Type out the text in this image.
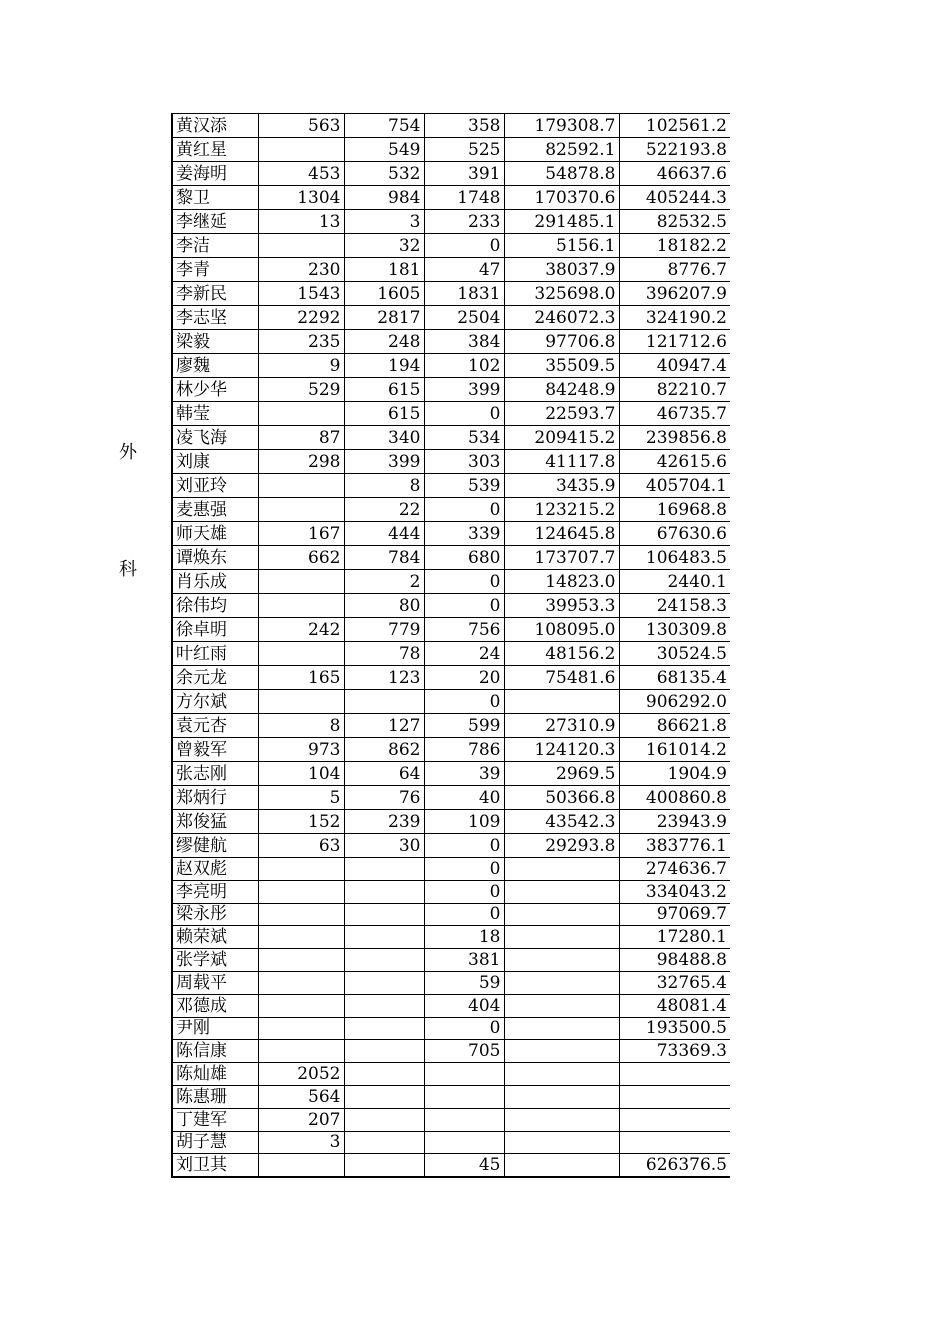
外
科
黄汉添	563	754	358	179308.7	102561.2
黄红星		549	525	82592.1	522193.8
姜海明	453	532	391	54878.8	46637.6
黎卫	1304	984	1748	170370.6	405244.3
李继延	13	3	233	291485.1	82532.5
李洁		32	0	5156.1	18182.2
李青	230	181	47	38037.9	8776.7
李新民	1543	1605	1831	325698.0	396207.9
李志坚	2292	2817	2504	246072.3	324190.2
梁毅	235	248	384	97706.8	121712.6
廖魏	9	194	102	35509.5	40947.4
林少华	529	615	399	84248.9	82210.7
韩莹		615	0	22593.7	46735.7
凌飞海	87	340	534	209415.2	239856.8
刘康	298	399	303	41117.8	42615.6
刘亚玲		8	539	3435.9	405704.1
麦惠强		22	0	123215.2	16968.8
师天雄	167	444	339	124645.8	67630.6
谭焕东	662	784	680	173707.7	106483.5
肖乐成		2	0	14823.0	2440.1
徐伟均		80	0	39953.3	24158.3
徐卓明	242	779	756	108095.0	130309.8
叶红雨		78	24	48156.2	30524.5
余元龙	165	123	20	75481.6	68135.4
方尔斌			0		906292.0
袁元杏	8	127	599	27310.9	86621.8
曾毅军	973	862	786	124120.3	161014.2
张志刚	104	64	39	2969.5	1904.9
郑炳行	5	76	40	50366.8	400860.8
郑俊猛	152	239	109	43542.3	23943.9
缪健航	63	30	0	29293.8	383776.1
赵双彪			0		274636.7
李亮明			0		334043.2
梁永彤			0		97069.7
赖荣斌			18		17280.1
张学斌			381		98488.8
周载平			59		32765.4
邓德成			404		48081.4
尹刚			0		193500.5
陈信康			705		73369.3
陈灿雄	2052				
陈惠珊	564				
丁建军	207				
胡子慧	3				
刘卫其			45		626376.5
